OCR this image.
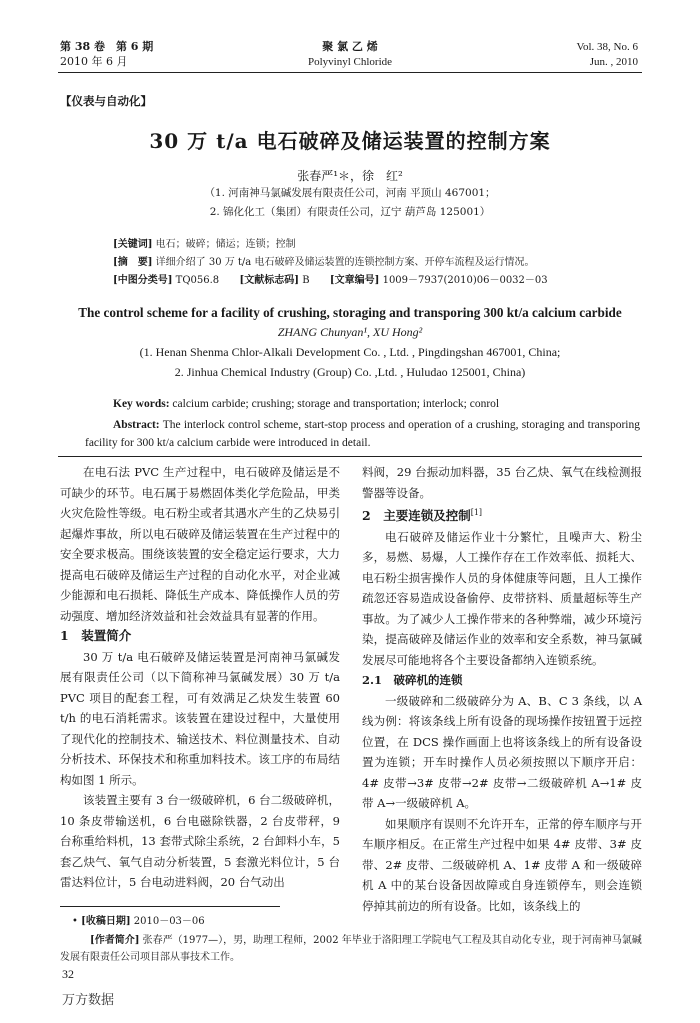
第 38 卷　第 6 期
2010 年 6 月
聚 氯 乙 烯
Polyvinyl Chloride
Vol. 38, No. 6
Jun. , 2010
【仪表与自动化】
30 万 t/a 电石破碎及储运装置的控制方案
张春严¹＊，徐　红²
（1. 河南神马氯碱发展有限责任公司，河南 平顶山 467001；
2. 锦化化工（集团）有限责任公司，辽宁 葫芦岛 125001）
[关键词] 电石；破碎；储运；连锁；控制
[摘　要] 详细介绍了 30 万 t/a 电石破碎及储运装置的连锁控制方案、开停车流程及运行情况。
[中图分类号] TQ056.8 [文献标志码] B [文章编号] 1009－7937(2010)06－0032－03
The control scheme for a facility of crushing, storaging and transporing 300 kt/a calcium carbide
ZHANG Chunyan¹, XU Hong²
(1. Henan Shenma Chlor-Alkali Development Co. , Ltd. , Pingdingshan 467001, China;
2. Jinhua Chemical Industry (Group) Co. ,Ltd. , Huludao 125001, China)
Key words: calcium carbide; crushing; storage and transportation; interlock; conrol
Abstract: The interlock control scheme, start-stop process and operation of a crushing, storaging and transporing facility for 300 kt/a calcium carbide were introduced in detail.

在电石法 PVC 生产过程中，电石破碎及储运是不可缺少的环节。电石属于易燃固体类化学危险品，甲类火灾危险性等级。电石粉尘或者其遇水产生的乙炔易引起爆炸事故，所以电石破碎及储运装置在生产过程中的安全要求极高。围绕该装置的安全稳定运行要求，大力提高电石破碎及储运生产过程的自动化水平，对企业减少能源和电石损耗、降低生产成本、降低操作人员的劳动强度、增加经济效益和社会效益具有显著的作用。

1　装置简介

30 万 t/a 电石破碎及储运装置是河南神马氯碱发展有限责任公司（以下简称神马氯碱发展）30 万 t/a PVC 项目的配套工程，可有效满足乙炔发生装置 60 t/h 的电石消耗需求。该装置在建设过程中，大量使用了现代化的控制技术、输送技术、料位测量技术、自动分析技术、环保技术和称重加料技术。该工序的布局结构如图 1 所示。

该装置主要有 3 台一级破碎机，6 台二级破碎机，10 条皮带输送机，6 台电磁除铁器，2 台皮带秤，9 台称重给料机，13 套带式除尘系统，2 台卸料小车，5 套乙炔气、氧气自动分析装置，5 套激光料位计，5 台雷达料位计，5 台电动进料阀，20 台气动出

料阀，29 台振动加料器，35 台乙炔、氧气在线检测报警器等设备。

2　主要连锁及控制[1]

电石破碎及储运作业十分繁忙，且噪声大、粉尘多，易燃、易爆，人工操作存在工作效率低、损耗大、电石粉尘损害操作人员的身体健康等问题，且人工操作疏忽还容易造成设备偷停、皮带挤料、质量超标等生产事故。为了减少人工操作带来的各种弊端，减少环境污染，提高破碎及储运作业的效率和安全系数，神马氯碱发展尽可能地将各个主要设备都纳入连锁系统。

2.1　破碎机的连锁

一级破碎和二级破碎分为 A、B、C 3 条线，以 A 线为例：将该条线上所有设备的现场操作按钮置于远控位置，在 DCS 操作画面上也将该条线上的所有设备设置为连锁；开车时操作人员必须按照以下顺序开启：4# 皮带→3# 皮带→2# 皮带→二级破碎机 A→1# 皮带 A→一级破碎机 A。

如果顺序有误则不允许开车，正常的停车顺序与开车顺序相反。在正常生产过程中如果 4# 皮带、3# 皮带、2# 皮带、二级破碎机 A、1# 皮带 A 和一级破碎机 A 中的某台设备因故障或自身连锁停车，则会连锁停掉其前边的所有设备。比如，该条线上的

• [收稿日期] 2010－03－06
[作者简介] 张春严（1977—），男，助理工程师，2002 年毕业于洛阳理工学院电气工程及其自动化专业，现于河南神马氯碱发展有限责任公司项目部从事技术工作。
32
万方数据
